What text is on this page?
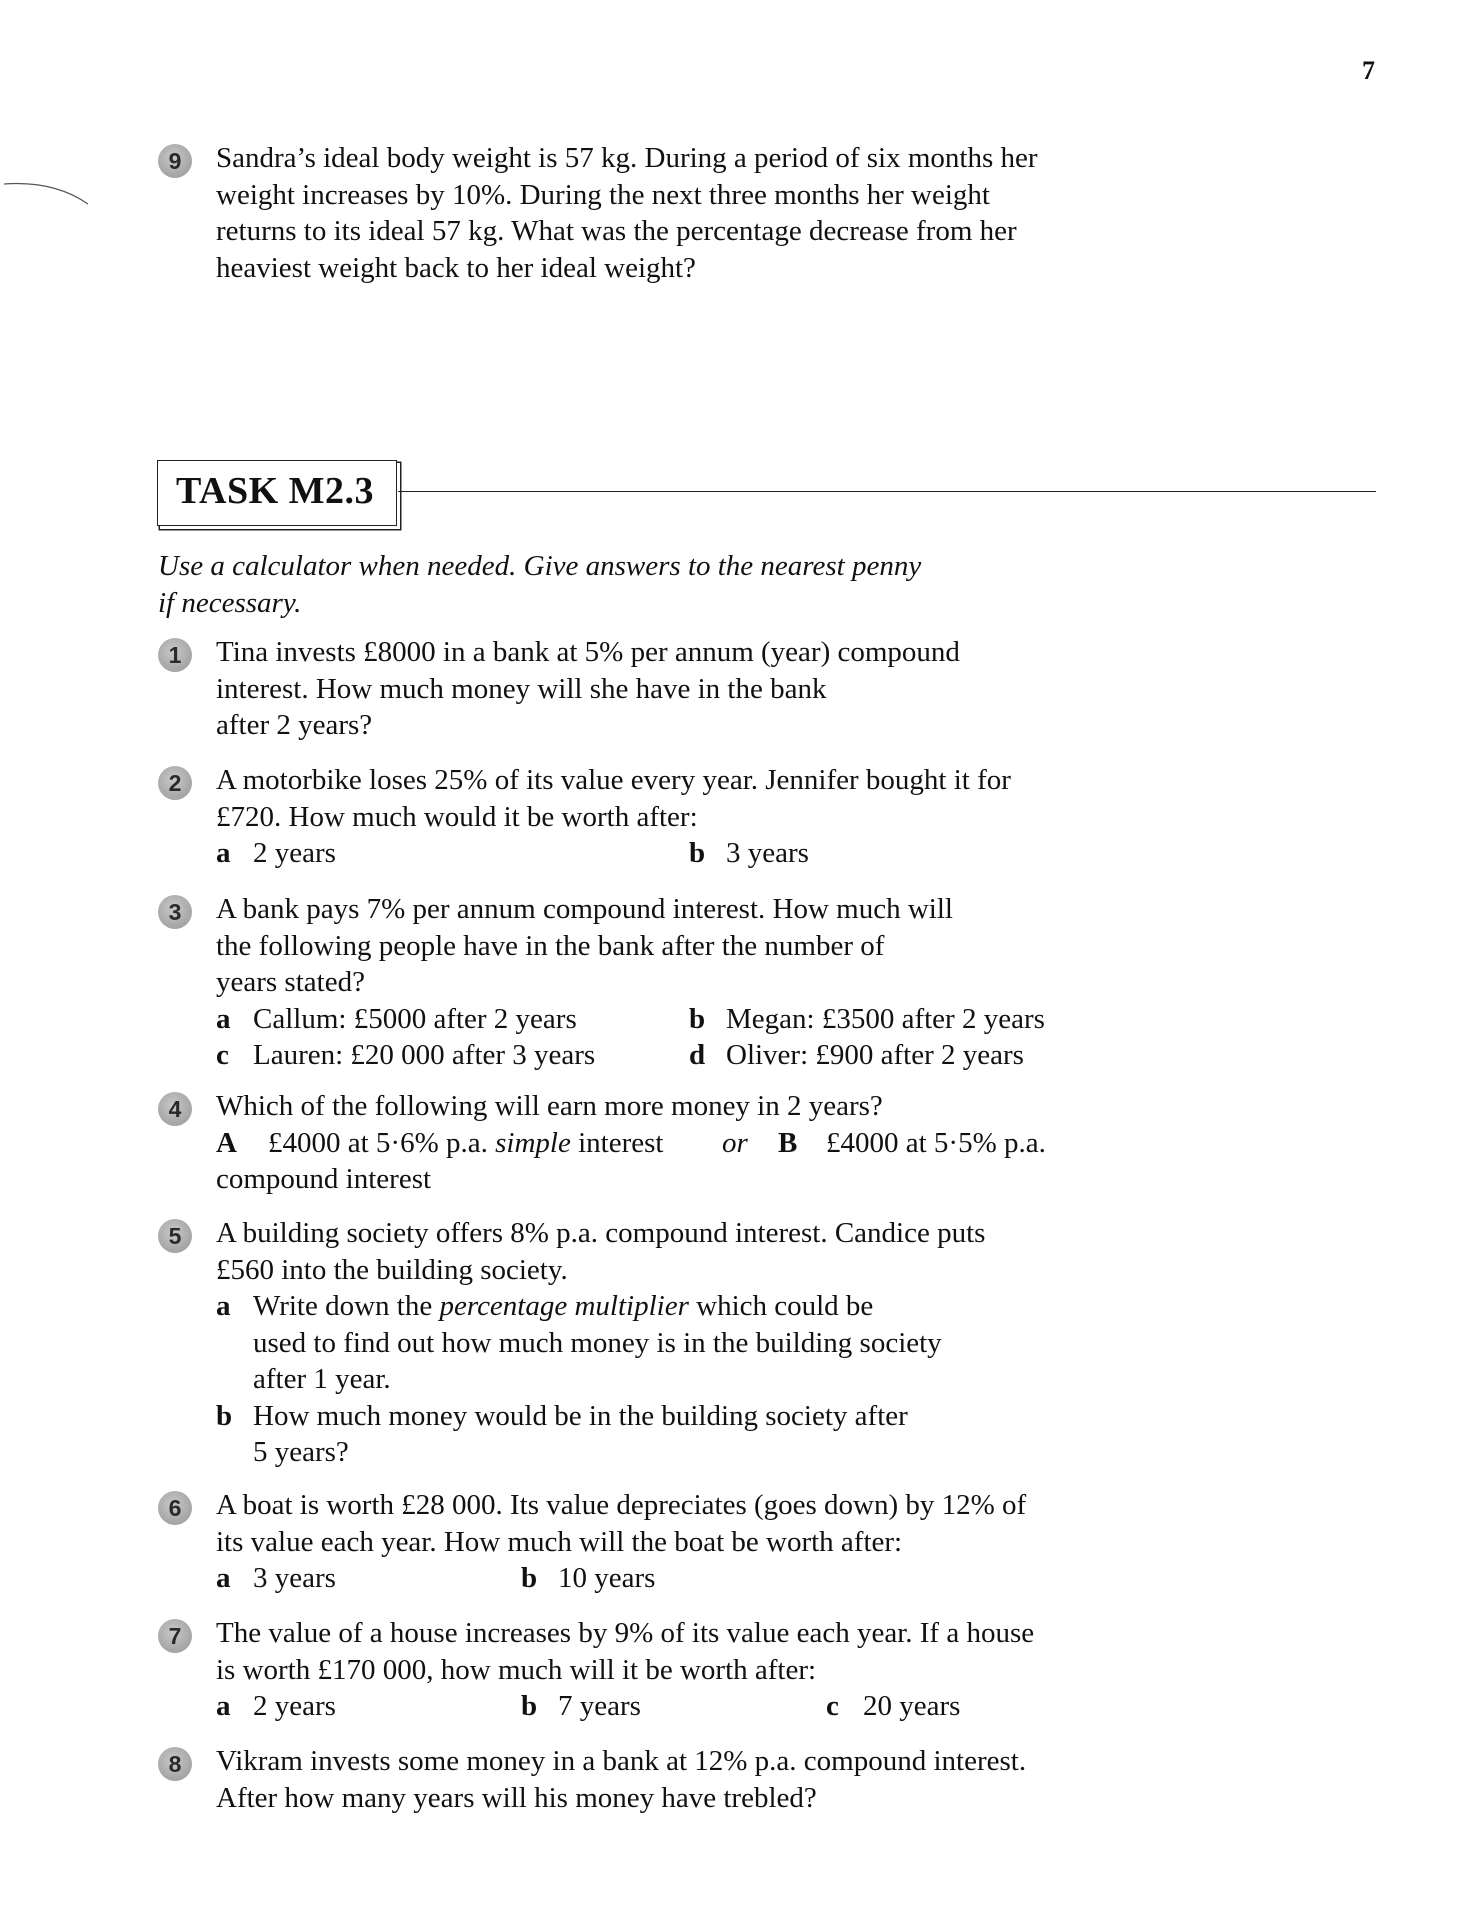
7
9	Sandra’s ideal body weight is 57 kg. During a period of six months her
weight increases by 10%. During the next three months her weight
returns to its ideal 57 kg. What was the percentage decrease from her
heaviest weight back to her ideal weight?
TASK M2.3
Use a calculator when needed. Give answers to the nearest penny
if necessary.
1	Tina invests £8000 in a bank at 5% per annum (year) compound
interest. How much money will she have in the bank
after 2 years?
2	A motorbike loses 25% of its value every year. Jennifer bought it for
£720. How much would it be worth after:
a 2 years	b 3 years
3	A bank pays 7% per annum compound interest. How much will
the following people have in the bank after the number of
years stated?
a Callum: £5000 after 2 years	b Megan: £3500 after 2 years
c Lauren: £20 000 after 3 years	d Oliver: £900 after 2 years
4	Which of the following will earn more money in 2 years?
A £4000 at 5·6% p.a. simple interest or B £4000 at 5·5% p.a.
compound interest
5	A building society offers 8% p.a. compound interest. Candice puts
£560 into the building society.
a Write down the percentage multiplier which could be
used to find out how much money is in the building society
after 1 year.
b How much money would be in the building society after
5 years?
6	A boat is worth £28 000. Its value depreciates (goes down) by 12% of
its value each year. How much will the boat be worth after:
a 3 years	b 10 years
7	The value of a house increases by 9% of its value each year. If a house
is worth £170 000, how much will it be worth after:
a 2 years	b 7 years	c 20 years
8	Vikram invests some money in a bank at 12% p.a. compound interest.
After how many years will his money have trebled?
